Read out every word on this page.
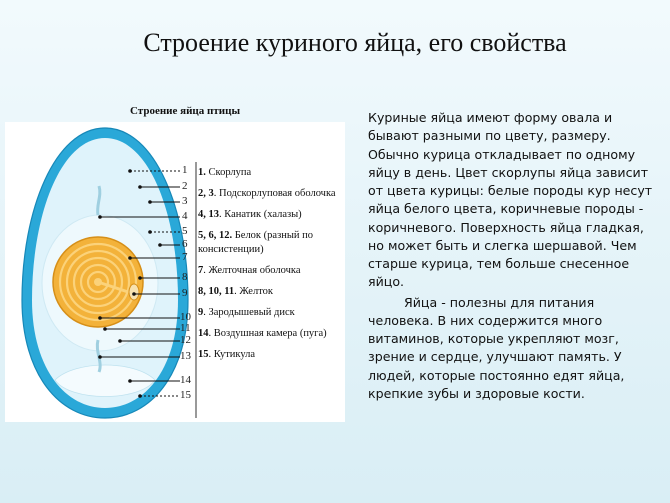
Строение куриного яйца, его свойства
Строение яйца птицы
1
2
3
4
5
6
7
8
9
10
11
12
13
14
15
1. Скорлупа
2, 3. Подскорлуповая оболочка
4, 13. Канатик (халазы)
5, 6, 12. Белок (разный по консистенции)
7. Желточная оболочка
8, 10, 11. Желток
9. Зародышевый диск
14. Воздушная камера (пуга)
15. Кутикула

Куриные яйца имеют форму овала и бывают разными по цвету, размеру. Обычно курица откладывает по одному яйцу в день. Цвет скорлупы яйца зависит от цвета курицы: белые породы кур несут яйца белого цвета, коричневые породы - коричневого. Поверхность яйца гладкая, но может быть и слегка шершавой. Чем старше курица, тем больше снесенное яйцо.

Яйца - полезны для питания человека. В них содержится много витаминов, которые укрепляют мозг, зрение и сердце, улучшают память. У людей, которые постоянно едят яйца, крепкие зубы и здоровые кости.
